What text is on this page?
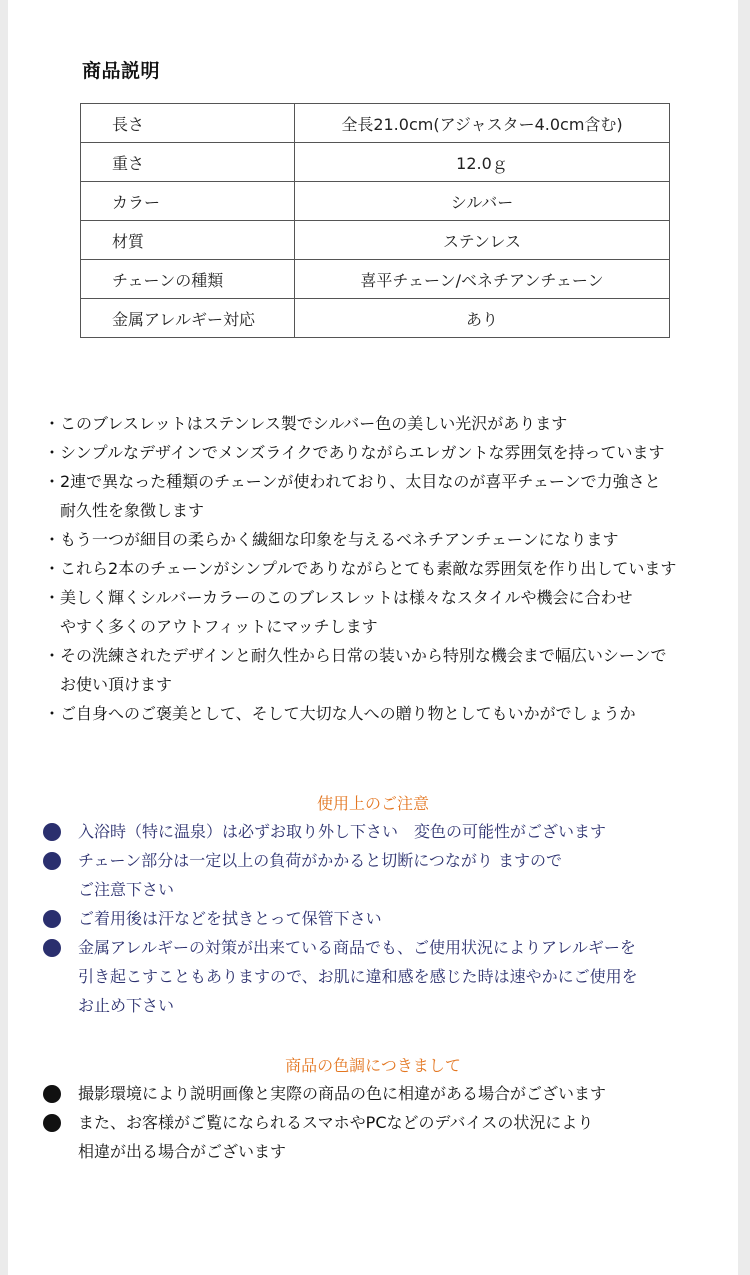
商品説明
長さ	全長21.0cm(アジャスター4.0cm含む)
重さ	12.0ｇ
カラー	シルバー
材質	ステンレス
チェーンの種類	喜平チェーン/ベネチアンチェーン
金属アレルギー対応	あり
・ このブレスレットはステンレス製でシルバー色の美しい光沢があります
・ シンプルなデザインでメンズライクでありながらエレガントな雰囲気を持っています
・ 2連で異なった種類のチェーンが使われており、太目なのが喜平チェーンで力強さと
耐久性を象徴します
・ もう一つが細目の柔らかく繊細な印象を与えるベネチアンチェーンになります
・ これら2本のチェーンがシンプルでありながらとても素敵な雰囲気を作り出しています
・ 美しく輝くシルバーカラーのこのブレスレットは様々なスタイルや機会に合わせ
やすく多くのアウトフィットにマッチします
・ その洗練されたデザインと耐久性から日常の装いから特別な機会まで幅広いシーンで
お使い頂けます
・ ご自身へのご褒美として、そして大切な人への贈り物としてもいかがでしょうか
使用上のご注意
入浴時（特に温泉）は必ずお取り外し下さい　変色の可能性がございます
チェーン部分は一定以上の負荷がかかると切断につながり ますので
ご注意下さい
ご着用後は汗などを拭きとって保管下さい
金属アレルギーの対策が出来ている商品でも、ご使用状況によりアレルギーを
引き起こすこともありますので、お肌に違和感を感じた時は速やかにご使用を
お止め下さい
商品の色調につきまして
撮影環境により説明画像と実際の商品の色に相違がある場合がございます
また、お客様がご覧になられるスマホやPCなどのデバイスの状況により
相違が出る場合がございます
